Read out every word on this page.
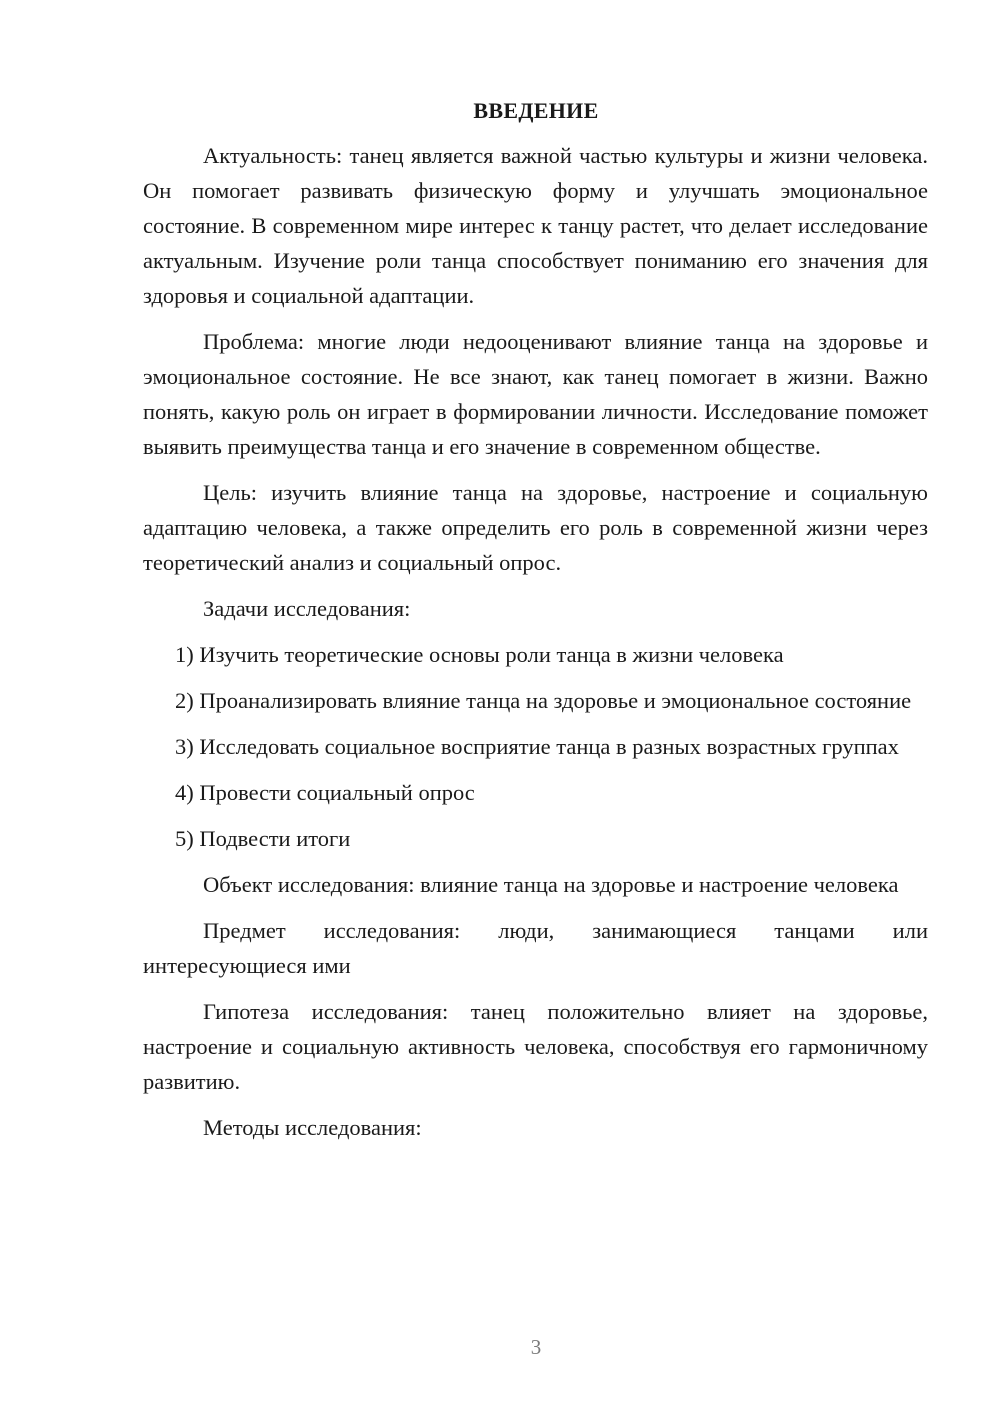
ВВЕДЕНИЕ

Актуальность: танец является важной частью культуры и жизни человека. Он помогает развивать физическую форму и улучшать эмоциональное состояние. В современном мире интерес к танцу растет, что делает исследование актуальным. Изучение роли танца способствует пониманию его значения для здоровья и социальной адаптации.

Проблема: многие люди недооценивают влияние танца на здоровье и эмоциональное состояние. Не все знают, как танец помогает в жизни. Важно понять, какую роль он играет в формировании личности. Исследование поможет выявить преимущества танца и его значение в современном обществе.

Цель: изучить влияние танца на здоровье, настроение и социальную адаптацию человека, а также определить его роль в современной жизни через теоретический анализ и социальный опрос.

Задачи исследования:

1) Изучить теоретические основы роли танца в жизни человека

2) Проанализировать влияние танца на здоровье и эмоциональное состояние

3) Исследовать социальное восприятие танца в разных возрастных группах

4) Провести социальный опрос

5) Подвести итоги

Объект исследования: влияние танца на здоровье и настроение человека

Предмет исследования: люди, занимающиеся танцами или интересующиеся ими

Гипотеза исследования: танец положительно влияет на здоровье, настроение и социальную активность человека, способствуя его гармоничному развитию.

Методы исследования:

3
